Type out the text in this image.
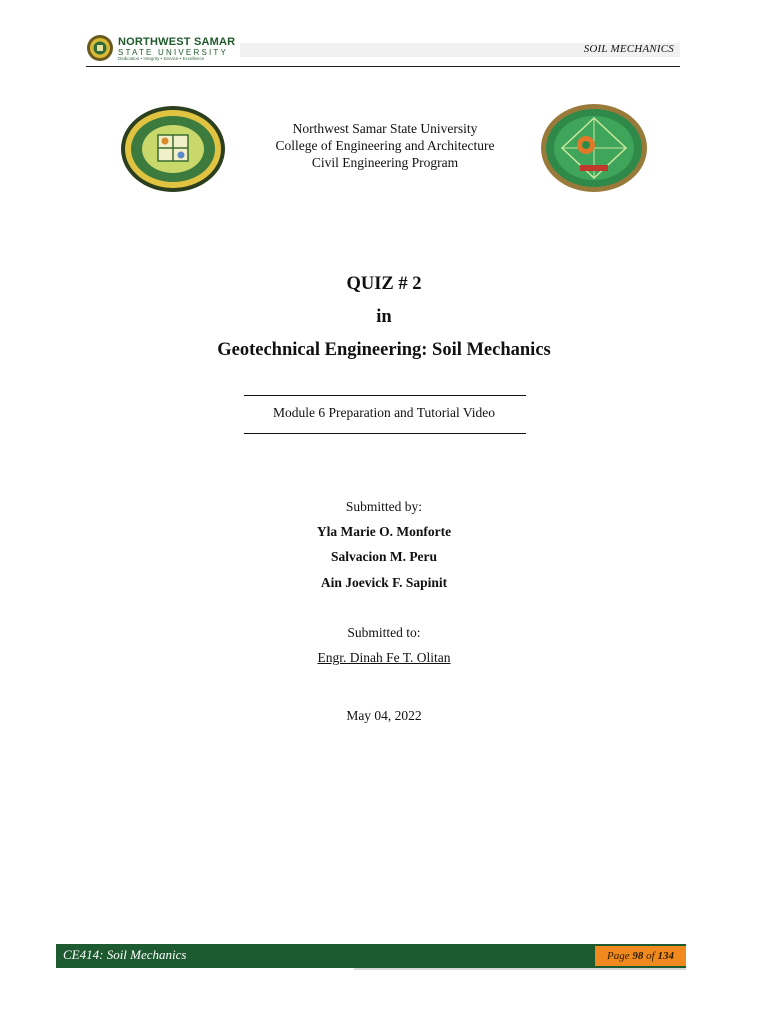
NORTHWEST SAMAR
STATE UNIVERSITY
Dedication • Integrity • Service • Excellence
SOIL MECHANICS
Northwest Samar State University
College of Engineering and Architecture
Civil Engineering Program
QUIZ # 2
in
Geotechnical Engineering: Soil Mechanics
Module 6 Preparation and Tutorial Video
Submitted by:
Yla Marie O. Monforte
Salvacion M. Peru
Ain Joevick F. Sapinit
Submitted to:
Engr. Dinah Fe T. Olitan
May 04, 2022
CE414: Soil Mechanics	Page 98 of 134
